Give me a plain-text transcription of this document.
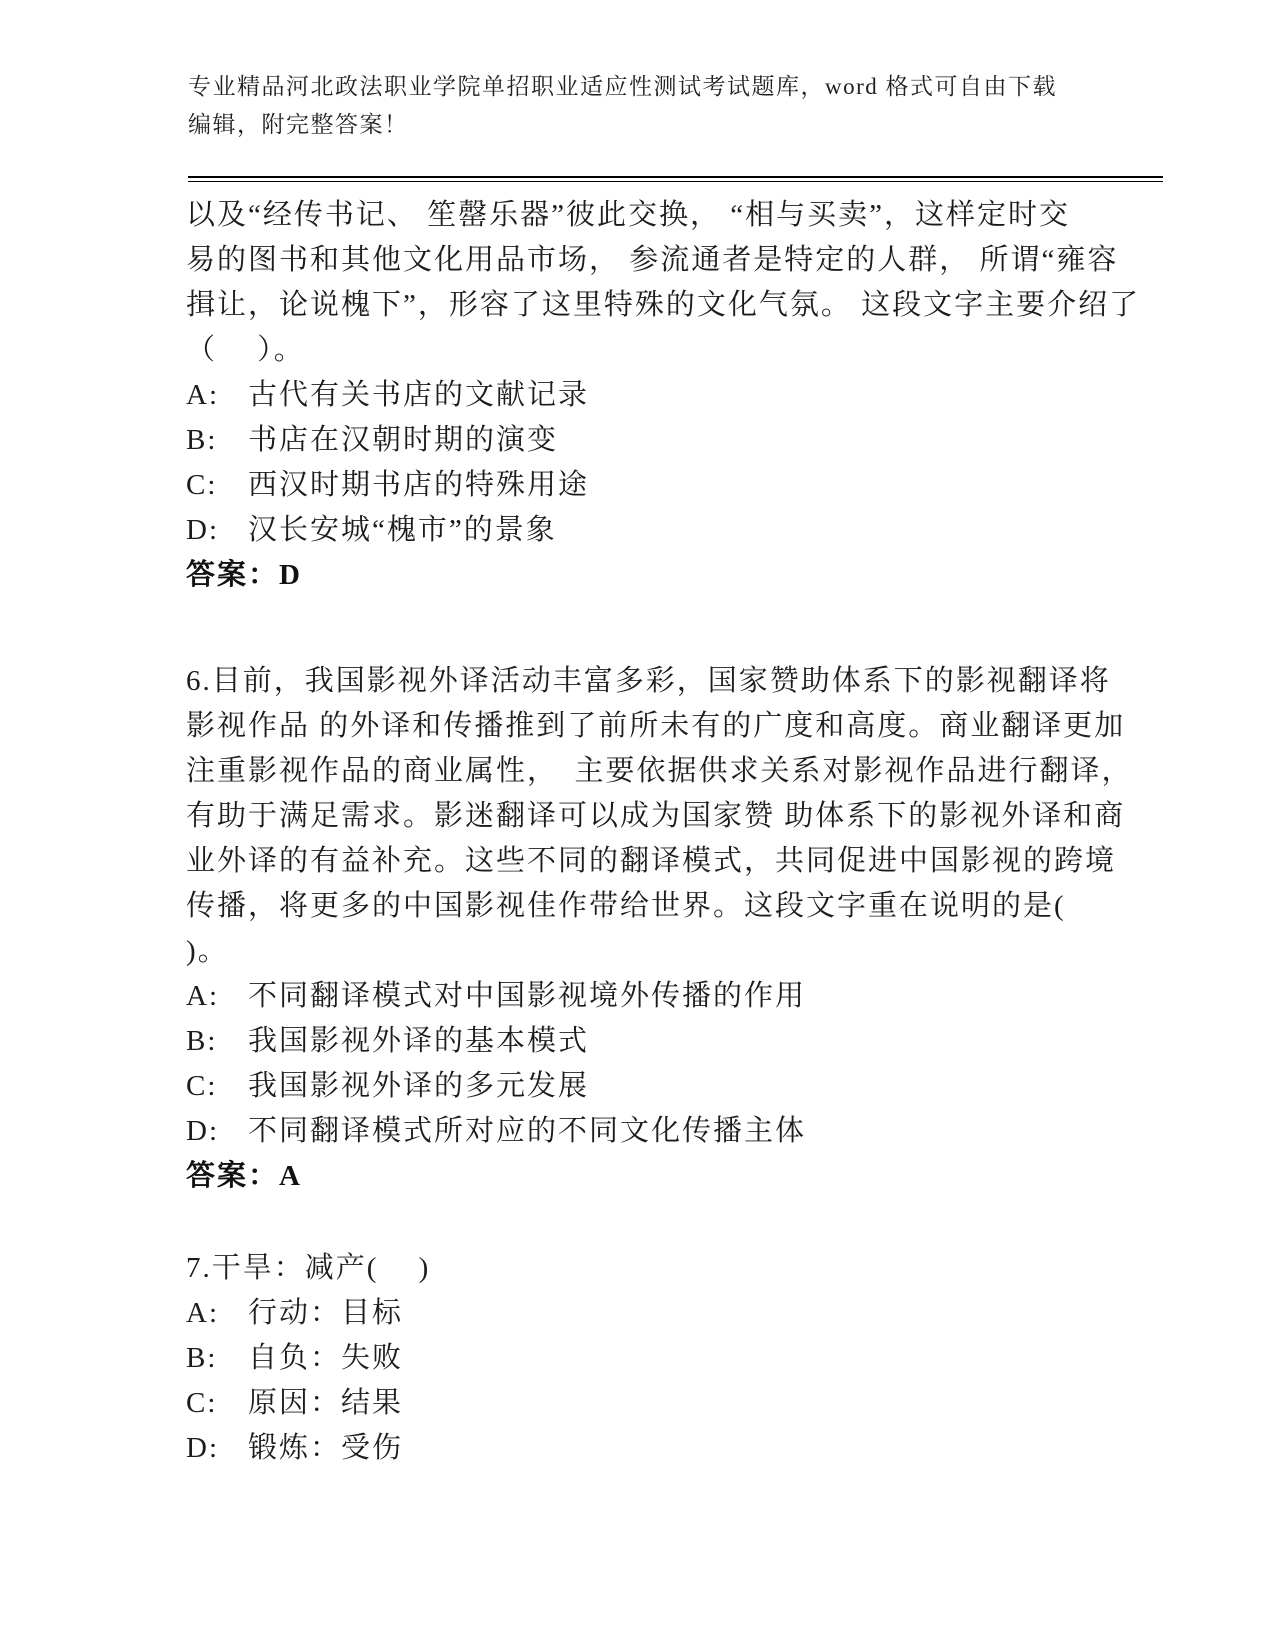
专业精品河北政法职业学院单招职业适应性测试考试题库，word 格式可自由下载
编辑，附完整答案！
以及“经传书记、 笙罄乐器”彼此交换， “相与买卖”，这样定时交
易的图书和其他文化用品市场， 参流通者是特定的人群， 所谓“雍容
揖让，论说槐下”，形容了这里特殊的文化气氛。 这段文字主要介绍了
（　 ）。
A:	古代有关书店的文献记录
B:	书店在汉朝时期的演变
C:	西汉时期书店的特殊用途
D:	汉长安城“槐市”的景象
答案：D
6.目前，我国影视外译活动丰富多彩，国家赞助体系下的影视翻译将
影视作品 的外译和传播推到了前所未有的广度和高度。商业翻译更加
注重影视作品的商业属性，　主要依据供求关系对影视作品进行翻译，
有助于满足需求。影迷翻译可以成为国家赞 助体系下的影视外译和商
业外译的有益补充。这些不同的翻译模式，共同促进中国影视的跨境
传播，将更多的中国影视佳作带给世界。这段文字重在说明的是(
)。
A:	不同翻译模式对中国影视境外传播的作用
B:	我国影视外译的基本模式
C:	我国影视外译的多元发展
D:	不同翻译模式所对应的不同文化传播主体
答案：A
7.干旱：减产(　 )
A:	行动：目标
B:	自负：失败
C:	原因：结果
D:	锻炼：受伤
